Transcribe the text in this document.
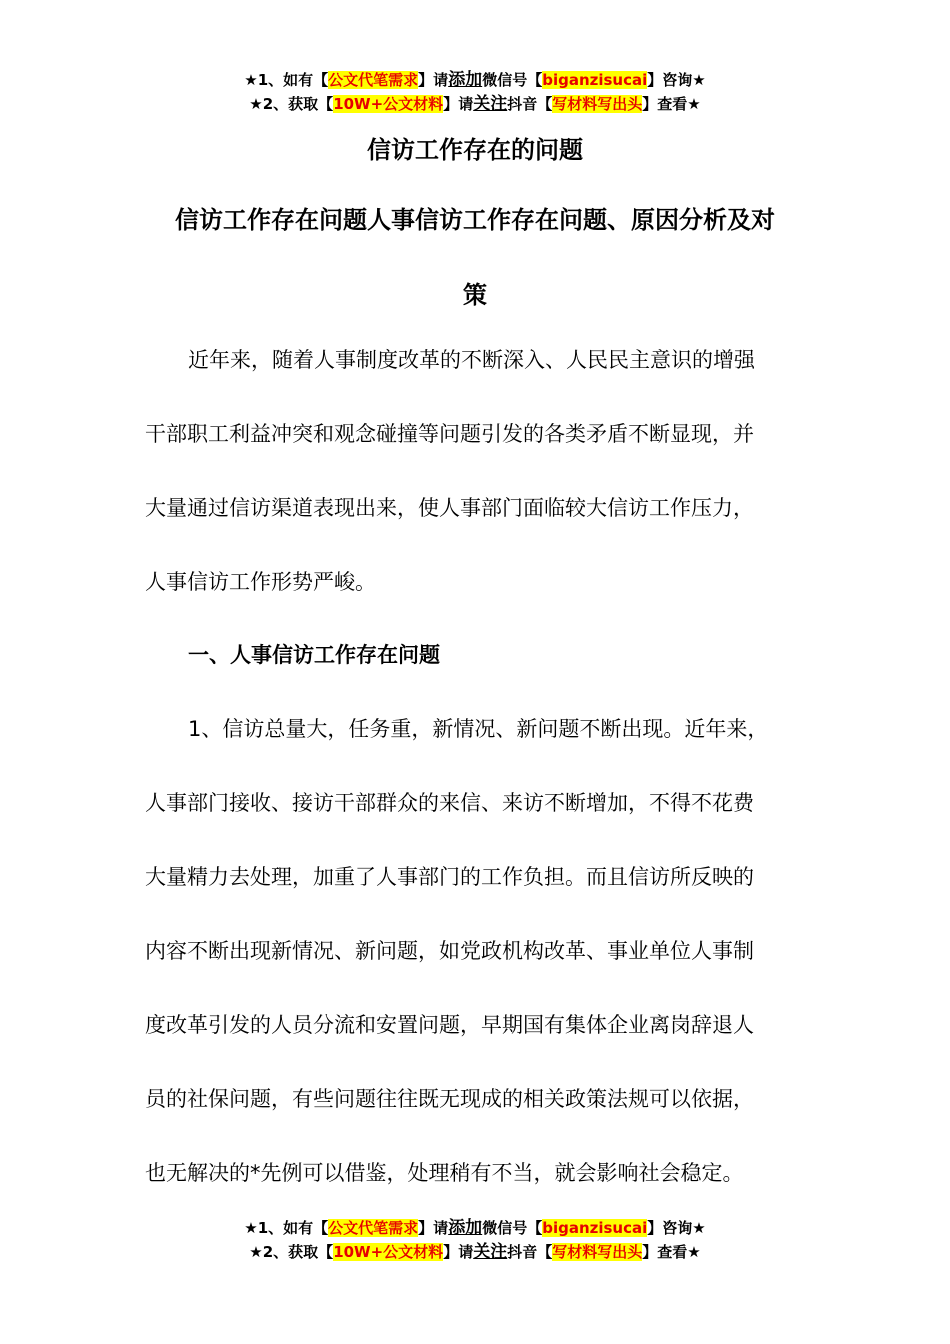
★1、如有【公文代笔需求】请添加微信号【biganzisucai】咨询★
★2、获取【10W+公文材料】请关注抖音【写材料写出头】查看★
信访工作存在的问题
信访工作存在问题人事信访工作存在问题、原因分析及对
策
近年来，随着人事制度改革的不断深入、人民民主意识的增强
干部职工利益冲突和观念碰撞等问题引发的各类矛盾不断显现，并
大量通过信访渠道表现出来，使人事部门面临较大信访工作压力，
人事信访工作形势严峻。
一、人事信访工作存在问题
1、信访总量大，任务重，新情况、新问题不断出现。近年来，
人事部门接收、接访干部群众的来信、来访不断增加，不得不花费
大量精力去处理，加重了人事部门的工作负担。而且信访所反映的
内容不断出现新情况、新问题，如党政机构改革、事业单位人事制
度改革引发的人员分流和安置问题，早期国有集体企业离岗辞退人
员的社保问题，有些问题往往既无现成的相关政策法规可以依据，
也无解决的*先例可以借鉴，处理稍有不当，就会影响社会稳定。
★1、如有【公文代笔需求】请添加微信号【biganzisucai】咨询★
★2、获取【10W+公文材料】请关注抖音【写材料写出头】查看★
